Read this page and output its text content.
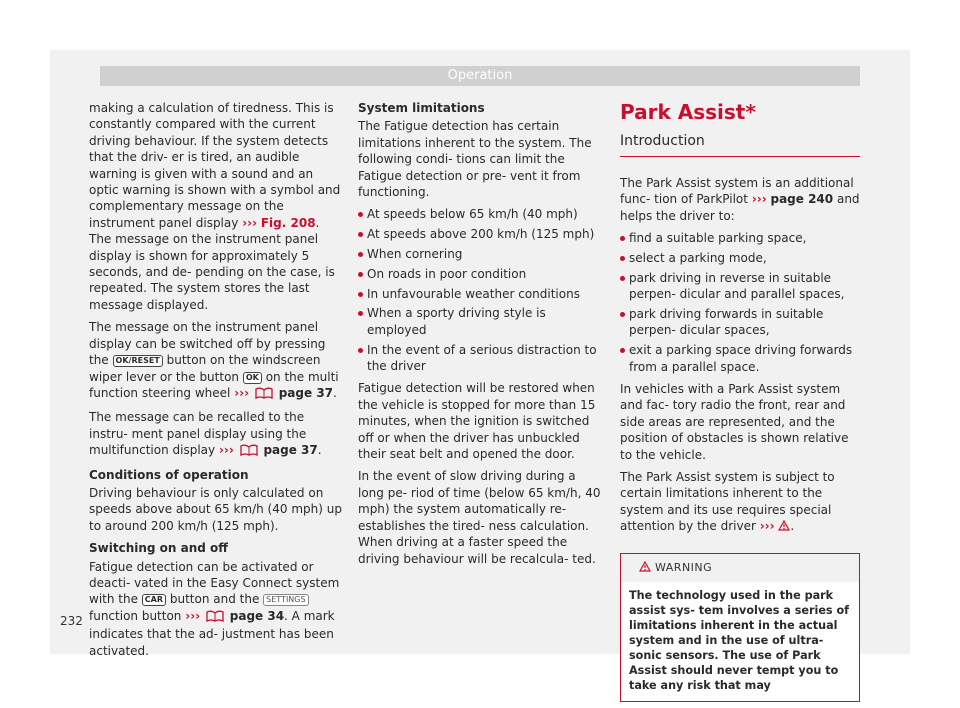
Operation

making a calculation of tiredness. This is constantly compared with the current driving behaviour. If the system detects that the driv- er is tired, an audible warning is given with a sound and an optic warning is shown with a symbol and complementary message on the instrument panel display ››› Fig. 208. The message on the instrument panel display is shown for approximately 5 seconds, and de- pending on the case, is repeated. The system stores the last message displayed.

The message on the instrument panel display can be switched off by pressing the OK/RESET button on the windscreen wiper lever or the button OK on the multi function steering wheel ››› page 37.

The message can be recalled to the instru- ment panel display using the multifunction display ››› page 37.

Conditions of operation

Driving behaviour is only calculated on speeds above about 65 km/h (40 mph) up to around 200 km/h (125 mph).

Switching on and off

Fatigue detection can be activated or deacti- vated in the Easy Connect system with the CAR button and the SETTINGS function button ››› page 34. A mark indicates that the ad- justment has been activated.

System limitations

The Fatigue detection has certain limitations inherent to the system. The following condi- tions can limit the Fatigue detection or pre- vent it from functioning.

At speeds below 65 km/h (40 mph)
At speeds above 200 km/h (125 mph)
When cornering
On roads in poor condition
In unfavourable weather conditions
When a sporty driving style is employed
In the event of a serious distraction to the driver

Fatigue detection will be restored when the vehicle is stopped for more than 15 minutes, when the ignition is switched off or when the driver has unbuckled their seat belt and opened the door.

In the event of slow driving during a long pe- riod of time (below 65 km/h, 40 mph) the system automatically re-establishes the tired- ness calculation. When driving at a faster speed the driving behaviour will be recalcula- ted.

Park Assist*
Introduction

The Park Assist system is an additional func- tion of ParkPilot ››› page 240 and helps the driver to:

find a suitable parking space,
select a parking mode,
park driving in reverse in suitable perpen- dicular and parallel spaces,
park driving forwards in suitable perpen- dicular spaces,
exit a parking space driving forwards from a parallel space.

In vehicles with a Park Assist system and fac- tory radio the front, rear and side areas are represented, and the position of obstacles is shown relative to the vehicle.

The Park Assist system is subject to certain limitations inherent to the system and its use requires special attention by the driver ››› .

WARNING
The technology used in the park assist sys- tem involves a series of limitations inherent in the actual system and in the use of ultra- sonic sensors. The use of Park Assist should never tempt you to take any risk that may
232
